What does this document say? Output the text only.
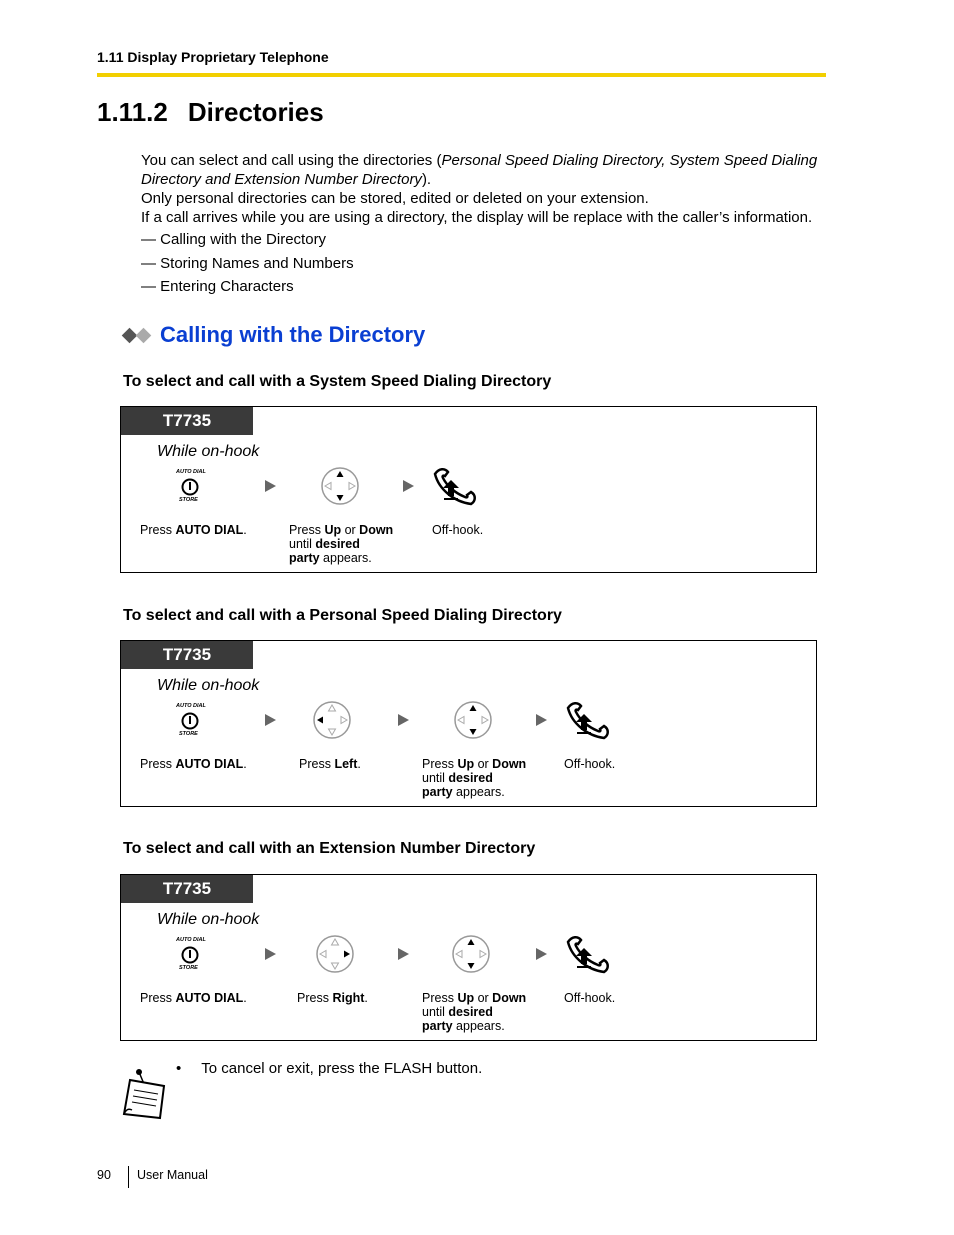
1.11 Display Proprietary Telephone
1.11.2 Directories

You can select and call using the directories (Personal Speed Dialing Directory, System Speed Dialing Directory and Extension Number Directory).

Only personal directories can be stored, edited or deleted on your extension.

If a call arrives while you are using a directory, the display will be replace with the caller’s information.

— Calling with the Directory
— Storing Names and Numbers
— Entering Characters
Calling with the Directory
To select and call with a System Speed Dialing Directory
T7735
While on-hook
AUTO DIAL
STORE
Press AUTO DIAL.	Press Up or Down
until desired
party appears.
Off-hook.
To select and call with a Personal Speed Dialing Directory
T7735
While on-hook
AUTO DIAL
STORE
Press AUTO DIAL.	Press Left.	Press Up or Down
until desired
party appears.
Off-hook.
To select and call with an Extension Number Directory
T7735
While on-hook
AUTO DIAL
STORE
Press AUTO DIAL.	Press Right.	Press Up or Down
until desired
party appears.
Off-hook.
• To cancel or exit, press the FLASH button.
90 User Manual
